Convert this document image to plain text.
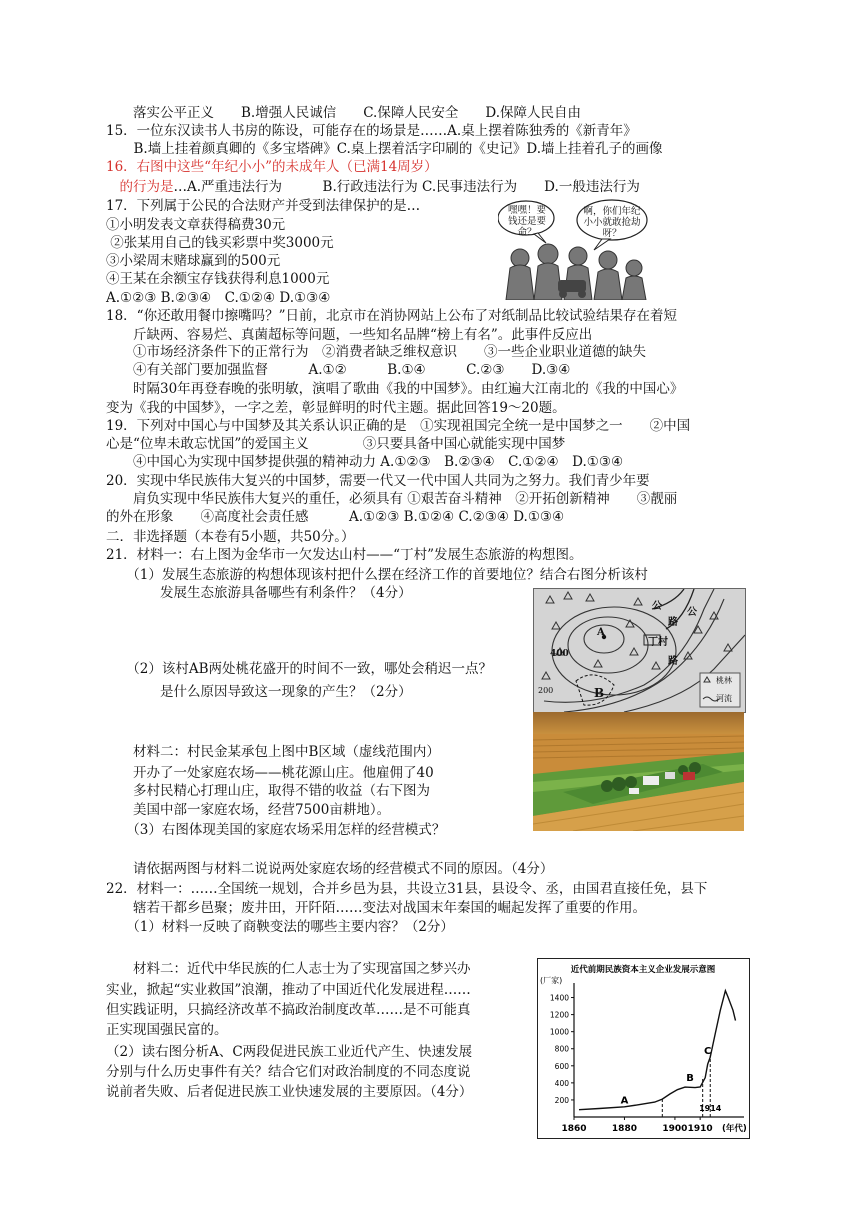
落实公平正义　　B.增强人民诚信　　C.保障人民安全　　D.保障人民自由
15．一位东汉读书人书房的陈设，可能存在的场景是……A.桌上摆着陈独秀的《新青年》
　B.墙上挂着颜真卿的《多宝塔碑》C.桌上摆着活字印刷的《史记》D.墙上挂着孔子的画像
16．右图中这些“年纪小小”的未成年人（已满14周岁）
　的行为是…A.严重违法行为　　　B.行政违法行为 C.民事违法行为　　D.一般违法行为
17．下列属于公民的合法财产并受到法律保护的是…
①小明发表文章获得稿费30元
②张某用自己的钱买彩票中奖3000元
③小梁周末赌球赢到的500元
④王某在余额宝存钱获得利息1000元
A.①②③ B.②③④　C.①②④ D.①③④
18．“你还敢用餐巾擦嘴吗？”日前，北京市在消协网站上公布了对纸制品比较试验结果存在着短
　　斤缺两、容易烂、真菌超标等问题，一些知名品牌“榜上有名”。此事件反应出
　　①市场经济条件下的正常行为　②消费者缺乏维权意识　　③一些企业职业道德的缺失
　　④有关部门要加强监督　　　A.①②　　　B.①④　　　C.②③　　D.③④
　　时隔30年再登春晚的张明敏，演唱了歌曲《我的中国梦》。由红遍大江南北的《我的中国心》
变为《我的中国梦》，一字之差，彰显鲜明的时代主题。据此回答19～20题。
19．下列对中国心与中国梦及其关系认识正确的是　①实现祖国完全统一是中国梦之一　　②中国
心是“位卑未敢忘忧国”的爱国主义　　　　③只要具备中国心就能实现中国梦
　　④中国心为实现中国梦提供强的精神动力 A.①②③　B.②③④　C.①②④　D.①③④
20．实现中华民族伟大复兴的中国梦，需要一代又一代中国人共同为之努力。我们青少年要
　　肩负实现中华民族伟大复兴的重任，必须具有 ①艰苦奋斗精神　②开拓创新精神　　③靓丽
的外在形象　　④高度社会责任感　　　A.①②③ B.①②④ C.②③④ D.①③④
二．非选择题（本卷有5小题，共50分。）
21．材料一：右上图为金华市一欠发达山村——“丁村”发展生态旅游的构想图。
　　（1）发展生态旅游的构想体现该村把什么摆在经济工作的首要地位？结合右图分析该村
　　　　发展生态旅游具备哪些有利条件？（4分）
　　（2）该村AB两处桃花盛开的时间不一致，哪处会稍迟一点？
　　　　是什么原因导致这一现象的产生？（2分）
　　材料二：村民金某承包上图中B区域（虚线范围内）
　　开办了一处家庭农场——桃花源山庄。他雇佣了40
　　多村民精心打理山庄，取得不错的收益（右下图为
　　美国中部一家庭农场，经营7500亩耕地）。
　　（3）右图体现美国的家庭农场采用怎样的经营模式？
　　请依据两图与材料二说说两处家庭农场的经营模式不同的原因。（4分）
22．材料一：……全国统一规划，合并乡邑为县，共设立31县，县设令、丞，由国君直接任免，县下
　　辖若干都乡邑聚；废井田，开阡陌……变法对战国末年秦国的崛起发挥了重要的作用。
　　（1）材料一反映了商鞅变法的哪些主要内容？（2分）
　　材料二：近代中华民族的仁人志士为了实现富国之梦兴办
实业，掀起“实业救国”浪潮，推动了中国近代化发展进程……
但实践证明，只搞经济改革不搞政治制度改革……是不可能真
正实现国强民富的。
（2）读右图分析A、C两段促进民族工业近代产生、快速发展
分别与什么历史事件有关？结合它们对政治制度的不同态度说
说前者失败、后者促进民族工业快速发展的主要原因。（4分）
嘿嘿！要钱还是要命？
啊，你们年纪小小就敢抢劫呀？
400
200
A
B
公
公
路
路
丁村
桃林
河流
近代前期民族资本主义企业发展示意图
(厂家)
200
400
600
800
1000
1200
1400
1860	1880	1900 1910 (年代)
A
B
C
1914
